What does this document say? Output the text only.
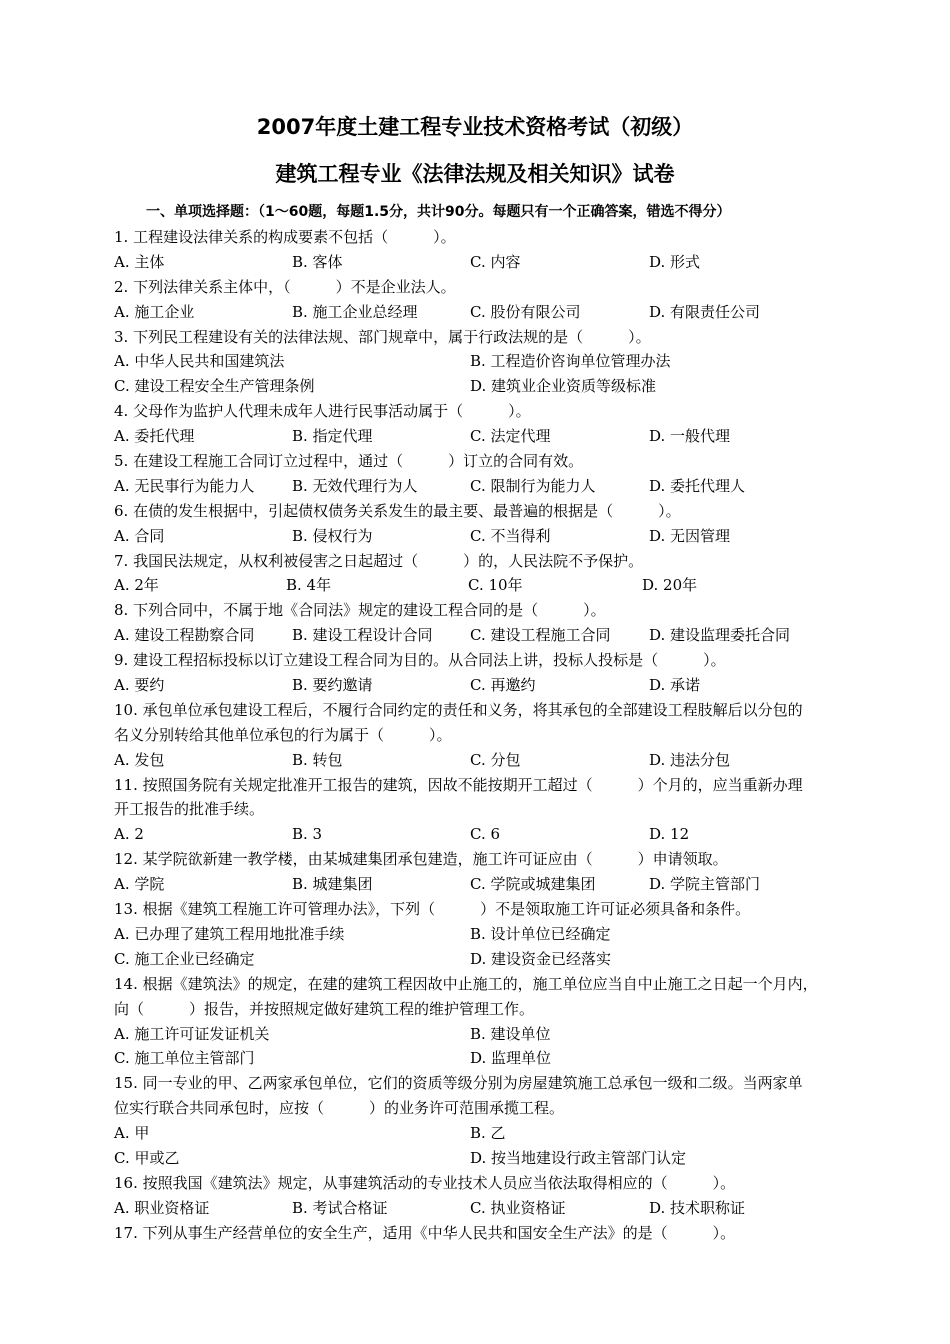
2007年度土建工程专业技术资格考试（初级）
建筑工程专业《法律法规及相关知识》试卷
一、单项选择题：（1～60题，每题1.5分，共计90分。每题只有一个正确答案，错选不得分）
1. 工程建设法律关系的构成要素不包括（　　　）。
A. 主体	B. 客体	C. 内容	D. 形式
2. 下列法律关系主体中，（　　　）不是企业法人。
A. 施工企业	B. 施工企业总经理	C. 股份有限公司	D. 有限责任公司
3. 下列民工程建设有关的法律法规、部门规章中，属于行政法规的是（　　　）。
A. 中华人民共和国建筑法	B. 工程造价咨询单位管理办法
C. 建设工程安全生产管理条例	D. 建筑业企业资质等级标准
4. 父母作为监护人代理未成年人进行民事活动属于（　　　）。
A. 委托代理	B. 指定代理	C. 法定代理	D. 一般代理
5. 在建设工程施工合同订立过程中，通过（　　　）订立的合同有效。
A. 无民事行为能力人	B. 无效代理行为人	C. 限制行为能力人	D. 委托代理人
6. 在债的发生根据中，引起债权债务关系发生的最主要、最普遍的根据是（　　　）。
A. 合同	B. 侵权行为	C. 不当得利	D. 无因管理
7. 我国民法规定，从权利被侵害之日起超过（　　　）的，人民法院不予保护。
A. 2年	B. 4年	C. 10年	D. 20年
8. 下列合同中，不属于地《合同法》规定的建设工程合同的是（　　　）。
A. 建设工程勘察合同	B. 建设工程设计合同 C. 建设工程施工合同	D. 建设监理委托合同
9. 建设工程招标投标以订立建设工程合同为目的。从合同法上讲，投标人投标是（　　　）。
A. 要约	B. 要约邀请	C. 再邀约	D. 承诺
10. 承包单位承包建设工程后，不履行合同约定的责任和义务，将其承包的全部建设工程肢解后以分包的
名义分别转给其他单位承包的行为属于（　　　）。
A. 发包	B. 转包	C. 分包	D. 违法分包
11. 按照国务院有关规定批准开工报告的建筑，因故不能按期开工超过（　　　）个月的，应当重新办理
开工报告的批准手续。
A. 2	B. 3	C. 6	D. 12
12. 某学院欲新建一教学楼，由某城建集团承包建造，施工许可证应由（　　　）申请领取。
A. 学院	B. 城建集团	C. 学院或城建集团	D. 学院主管部门
13. 根据《建筑工程施工许可管理办法》，下列（　　　）不是领取施工许可证必须具备和条件。
A. 已办理了建筑工程用地批准手续	B. 设计单位已经确定
C. 施工企业已经确定	D. 建设资金已经落实
14. 根据《建筑法》的规定，在建的建筑工程因故中止施工的，施工单位应当自中止施工之日起一个月内，
向（　　　）报告，并按照规定做好建筑工程的维护管理工作。
A. 施工许可证发证机关	B. 建设单位
C. 施工单位主管部门	D. 监理单位
15. 同一专业的甲、乙两家承包单位，它们的资质等级分别为房屋建筑施工总承包一级和二级。当两家单
位实行联合共同承包时，应按（　　　）的业务许可范围承揽工程。
A. 甲	B. 乙
C. 甲或乙	D. 按当地建设行政主管部门认定
16. 按照我国《建筑法》规定，从事建筑活动的专业技术人员应当依法取得相应的（　　　）。
A. 职业资格证	B. 考试合格证	C. 执业资格证	D. 技术职称证
17. 下列从事生产经营单位的安全生产，适用《中华人民共和国安全生产法》的是（　　　）。
